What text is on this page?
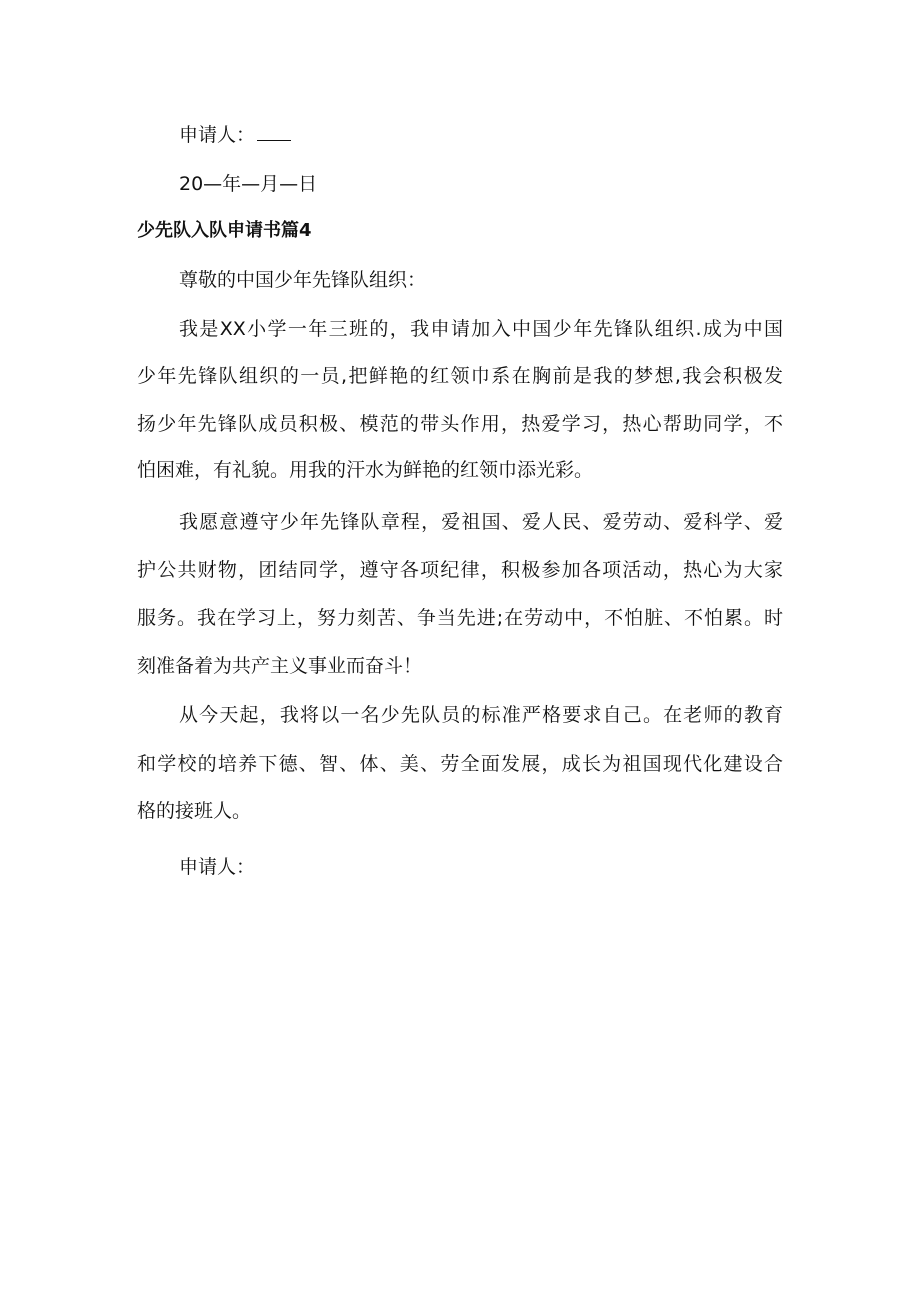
申请人：
20—年—月—日
少先队入队申请书篇4
尊敬的中国少年先锋队组织：
我是XX小学一年三班的，我申请加入中国少年先锋队组织.成为中国
少年先锋队组织的一员,把鲜艳的红领巾系在胸前是我的梦想,我会积极发
扬少年先锋队成员积极、模范的带头作用，热爱学习，热心帮助同学，不
怕困难，有礼貌。用我的汗水为鲜艳的红领巾添光彩。
我愿意遵守少年先锋队章程，爱祖国、爱人民、爱劳动、爱科学、爱
护公共财物，团结同学，遵守各项纪律，积极参加各项活动，热心为大家
服务。我在学习上，努力刻苦、争当先进;在劳动中，不怕脏、不怕累。时
刻准备着为共产主义事业而奋斗！
从今天起，我将以一名少先队员的标准严格要求自己。在老师的教育
和学校的培养下德、智、体、美、劳全面发展，成长为祖国现代化建设合
格的接班人。
申请人：
